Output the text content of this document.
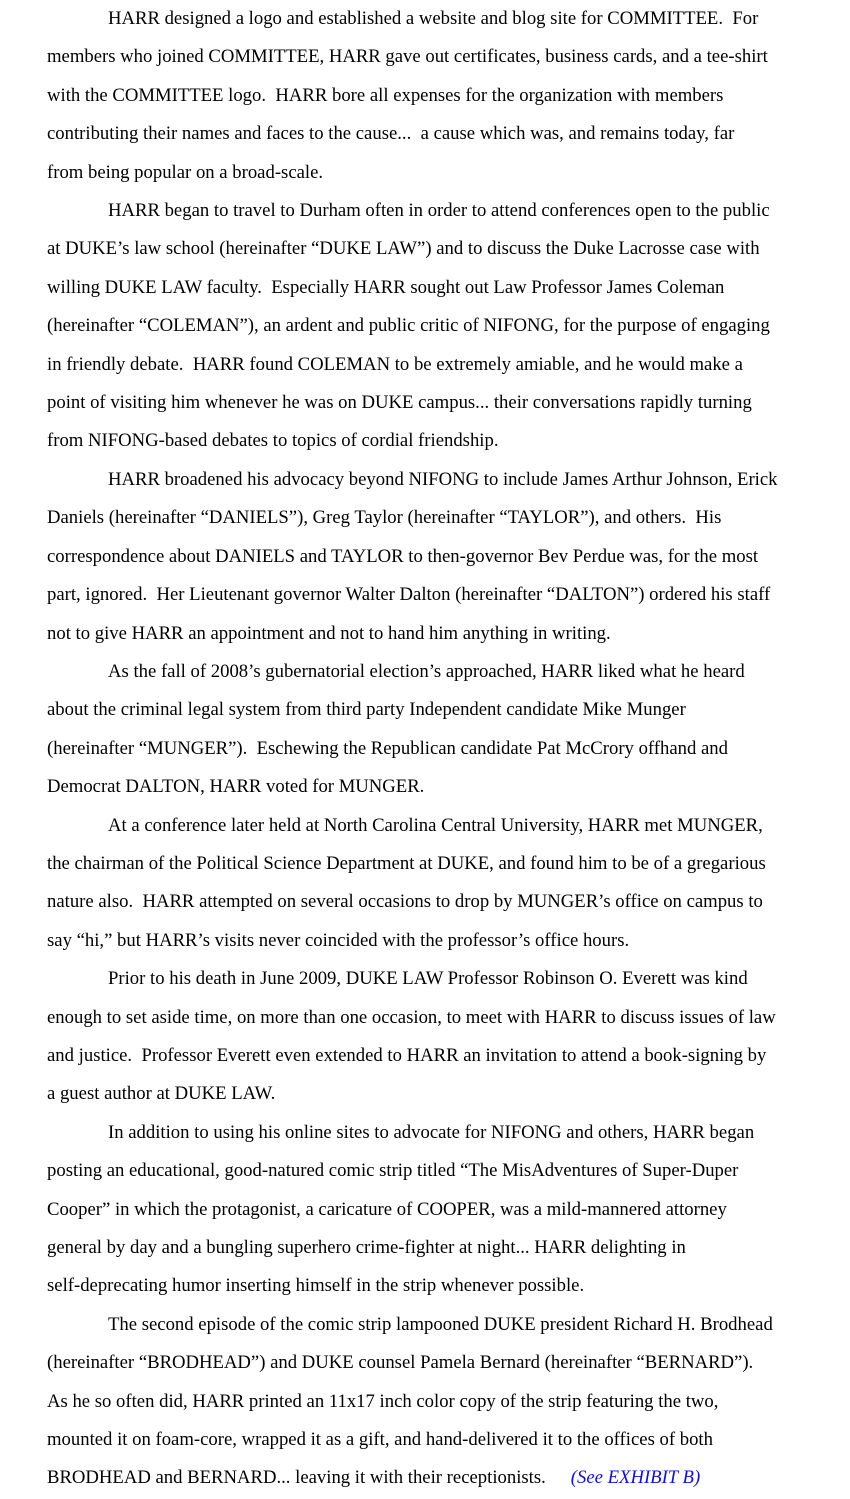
HARR designed a logo and established a website and blog site for COMMITTEE.  For
members who joined COMMITTEE, HARR gave out certificates, business cards, and a tee-shirt
with the COMMITTEE logo.  HARR bore all expenses for the organization with members
contributing their names and faces to the cause...  a cause which was, and remains today, far
from being popular on a broad-scale.
HARR began to travel to Durham often in order to attend conferences open to the public
at DUKE’s law school (hereinafter “DUKE LAW”) and to discuss the Duke Lacrosse case with
willing DUKE LAW faculty.  Especially HARR sought out Law Professor James Coleman
(hereinafter “COLEMAN”), an ardent and public critic of NIFONG, for the purpose of engaging
in friendly debate.  HARR found COLEMAN to be extremely amiable, and he would make a
point of visiting him whenever he was on DUKE campus... their conversations rapidly turning
from NIFONG-based debates to topics of cordial friendship.
HARR broadened his advocacy beyond NIFONG to include James Arthur Johnson, Erick
Daniels (hereinafter “DANIELS”), Greg Taylor (hereinafter “TAYLOR”), and others.  His
correspondence about DANIELS and TAYLOR to then-governor Bev Perdue was, for the most
part, ignored.  Her Lieutenant governor Walter Dalton (hereinafter “DALTON”) ordered his staff
not to give HARR an appointment and not to hand him anything in writing.
As the fall of 2008’s gubernatorial election’s approached, HARR liked what he heard
about the criminal legal system from third party Independent candidate Mike Munger
(hereinafter “MUNGER”).  Eschewing the Republican candidate Pat McCrory offhand and
Democrat DALTON, HARR voted for MUNGER.
At a conference later held at North Carolina Central University, HARR met MUNGER,
the chairman of the Political Science Department at DUKE, and found him to be of a gregarious
nature also.  HARR attempted on several occasions to drop by MUNGER’s office on campus to
say “hi,” but HARR’s visits never coincided with the professor’s office hours.
Prior to his death in June 2009, DUKE LAW Professor Robinson O. Everett was kind
enough to set aside time, on more than one occasion, to meet with HARR to discuss issues of law
and justice.  Professor Everett even extended to HARR an invitation to attend a book-signing by
a guest author at DUKE LAW.
In addition to using his online sites to advocate for NIFONG and others, HARR began
posting an educational, good-natured comic strip titled “The MisAdventures of Super-Duper
Cooper” in which the protagonist, a caricature of COOPER, was a mild-mannered attorney
general by day and a bungling superhero crime-fighter at night... HARR delighting in
self-deprecating humor inserting himself in the strip whenever possible.
The second episode of the comic strip lampooned DUKE president Richard H. Brodhead
(hereinafter “BRODHEAD”) and DUKE counsel Pamela Bernard (hereinafter “BERNARD”).
As he so often did, HARR printed an 11x17 inch color copy of the strip featuring the two,
mounted it on foam-core, wrapped it as a gift, and hand-delivered it to the offices of both
BRODHEAD and BERNARD... leaving it with their receptionists. (See EXHIBIT B)
